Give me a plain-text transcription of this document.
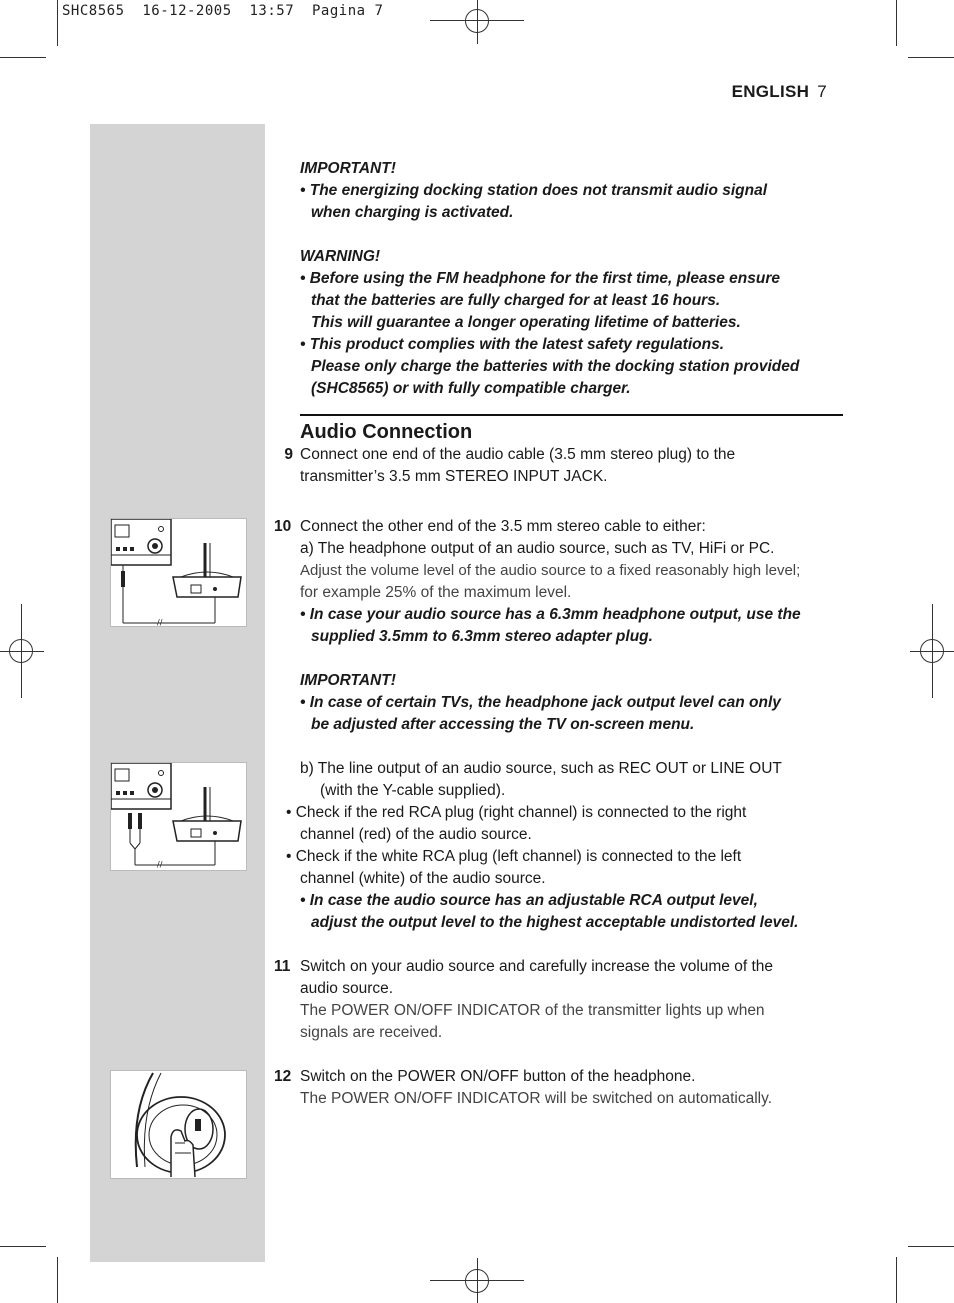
SHC8565  16-12-2005  13:57  Pagina 7
ENGLISH 7
//
//

IMPORTANT!

• The energizing docking station does not transmit audio signal

when charging is activated.

WARNING!

• Before using the FM headphone for the first time, please ensure

that the batteries are fully charged for at least 16 hours.

This will guarantee a longer operating lifetime of batteries.

• This product complies with the latest safety regulations.

Please only charge the batteries with the docking station provided

(SHC8565) or with fully compatible charger.

Audio Connection

9 Connect one end of the audio cable (3.5 mm stereo plug) to the

transmitter’s 3.5 mm STEREO INPUT JACK.

10 Connect the other end of the 3.5 mm stereo cable to either:

a) The headphone output of an audio source, such as TV, HiFi or PC.

Adjust the volume level of the audio source to a fixed reasonably high level;

for example 25% of the maximum level.

• In case your audio source has a 6.3mm headphone output, use the

supplied 3.5mm to 6.3mm stereo adapter plug.

IMPORTANT!

• In case of certain TVs, the headphone jack output level can only

be adjusted after accessing the TV on-screen menu.

b) The line output of an audio source, such as REC OUT or LINE OUT

(with the Y-cable supplied).

• Check if the red RCA plug (right channel) is connected to the right

channel (red) of the audio source.

• Check if the white RCA plug (left channel) is connected to the left

channel (white) of the audio source.

• In case the audio source has an adjustable RCA output level,

adjust the output level to the highest acceptable undistorted level.

11 Switch on your audio source and carefully increase the volume of the

audio source.

The POWER ON/OFF INDICATOR of the transmitter lights up when

signals are received.

12 Switch on the POWER ON/OFF button of the headphone.

The POWER ON/OFF INDICATOR will be switched on automatically.
